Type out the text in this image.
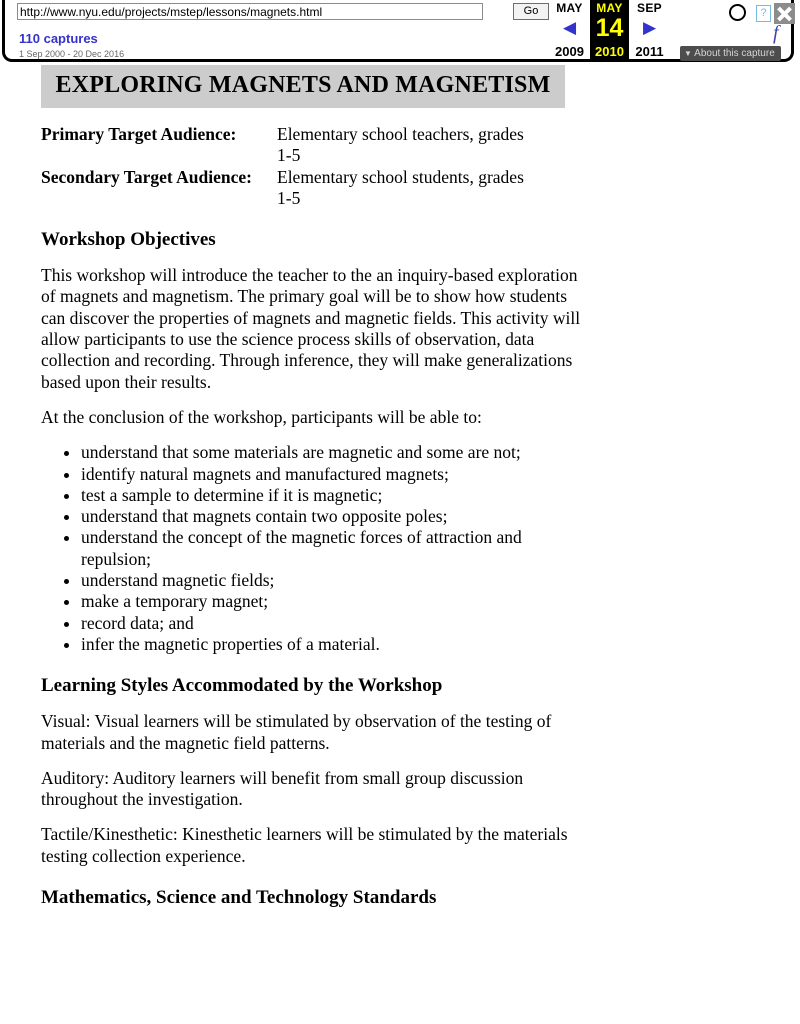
http://www.nyu.edu/projects/mstep/lessons/magnets.html
Go
110 captures
1 Sep 2000 - 20 Dec 2016
MAY
◀
2009
MAY
14
2010
SEP
▶
2011
?
f
▼ About this capture
EXPLORING MAGNETS AND MAGNETISM
Primary Target Audience:	Elementary school teachers, grades 1-5
Secondary Target Audience:	Elementary school students, grades 1-5
Workshop Objectives

This workshop will introduce the teacher to the an inquiry-based exploration of magnets and magnetism. The primary goal will be to show how students can discover the properties of magnets and magnetic fields. This activity will allow participants to use the science process skills of observation, data collection and recording. Through inference, they will make generalizations based upon their results.

At the conclusion of the workshop, participants will be able to:

• understand that some materials are magnetic and some are not;
• identify natural magnets and manufactured magnets;
• test a sample to determine if it is magnetic;
• understand that magnets contain two opposite poles;
• understand the concept of the magnetic forces of attraction and repulsion;
• understand magnetic fields;
• make a temporary magnet;
• record data; and
• infer the magnetic properties of a material.
Learning Styles Accommodated by the Workshop

Visual: Visual learners will be stimulated by observation of the testing of materials and the magnetic field patterns.

Auditory: Auditory learners will benefit from small group discussion throughout the investigation.

Tactile/Kinesthetic: Kinesthetic learners will be stimulated by the materials testing collection experience.

Mathematics, Science and Technology Standards
